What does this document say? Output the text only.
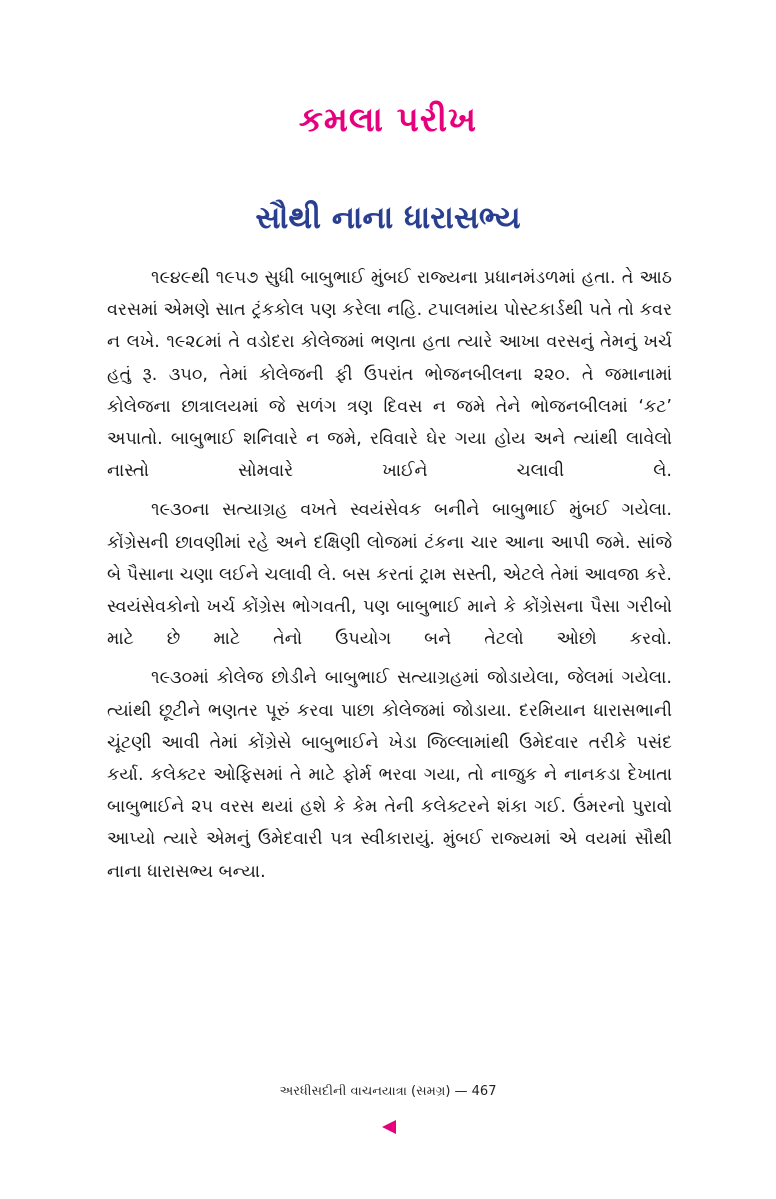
કમલા પરીખ
સૌથી નાના ધારાસભ્ય

૧૯૪૯થી ૧૯૫૭ સુધી બાબુભાઈ મુંબઈ રાજ્યના પ્રધાનમંડળમાં હતા. તે આઠ વરસમાં એમણે સાત ટ્રંકકોલ પણ કરેલા નહિ. ટપાલમાંય પોસ્ટકાર્ડથી પતે તો કવર ન લખે. ૧૯૨૮માં તે વડોદરા કોલેજમાં ભણતા હતા ત્યારે આખા વરસનું તેમનું ખર્ચ હતું રૂ. ૩૫૦, તેમાં કોલેજની ફી ઉપરાંત ભોજનબીલના ૨૨૦. તે જમાનામાં કોલેજના છાત્રાલયમાં જે સળંગ ત્રણ દિવસ ન જમે તેને ભોજનબીલમાં ‘કટ’ અપાતો. બાબુભાઈ શનિવારે ન જમે, રવિવારે ઘેર ગયા હોય અને ત્યાંથી લાવેલો નાસ્તો સોમવારે ખાઈને ચલાવી લે.

૧૯૩૦ના સત્યાગ્રહ વખતે સ્વયંસેવક બનીને બાબુભાઈ મુંબઈ ગયેલા. કોંગ્રેસની છાવણીમાં રહે અને દક્ષિણી લોજમાં ટંકના ચાર આના આપી જમે. સાંજે બે પૈસાના ચણા લઈને ચલાવી લે. બસ કરતાં ટ્રામ સસ્તી, એટલે તેમાં આવજા કરે. સ્વયંસેવકોનો ખર્ચ કોંગ્રેસ ભોગવતી, પણ બાબુભાઈ માને કે કોંગ્રેસના પૈસા ગરીબો માટે છે માટે તેનો ઉપયોગ બને તેટલો ઓછો કરવો.

૧૯૩૦માં કોલેજ છોડીને બાબુભાઈ સત્યાગ્રહમાં જોડાયેલા, જેલમાં ગયેલા. ત્યાંથી છૂટીને ભણતર પૂરું કરવા પાછા કોલેજમાં જોડાયા. દરમિયાન ધારાસભાની ચૂંટણી આવી તેમાં કોંગ્રેસે બાબુભાઈને ખેડા જિલ્લામાંથી ઉમેદવાર તરીકે પસંદ કર્યા. કલેક્ટર ઓફિસમાં તે માટે ફોર્મ ભરવા ગયા, તો નાજુક ને નાનકડા દેખાતા બાબુભાઈને ૨૫ વરસ થયાં હશે કે કેમ તેની કલેક્ટરને શંકા ગઈ. ઉંમરનો પુરાવો આપ્યો ત્યારે એમનું ઉમેદવારી પત્ર સ્વીકારાયું. મુંબઈ રાજ્યમાં એ વયમાં સૌથી નાના ધારાસભ્ય બન્યા.

અરધીસદીની વાચનયાત્રા (સમગ્ર) — 467
